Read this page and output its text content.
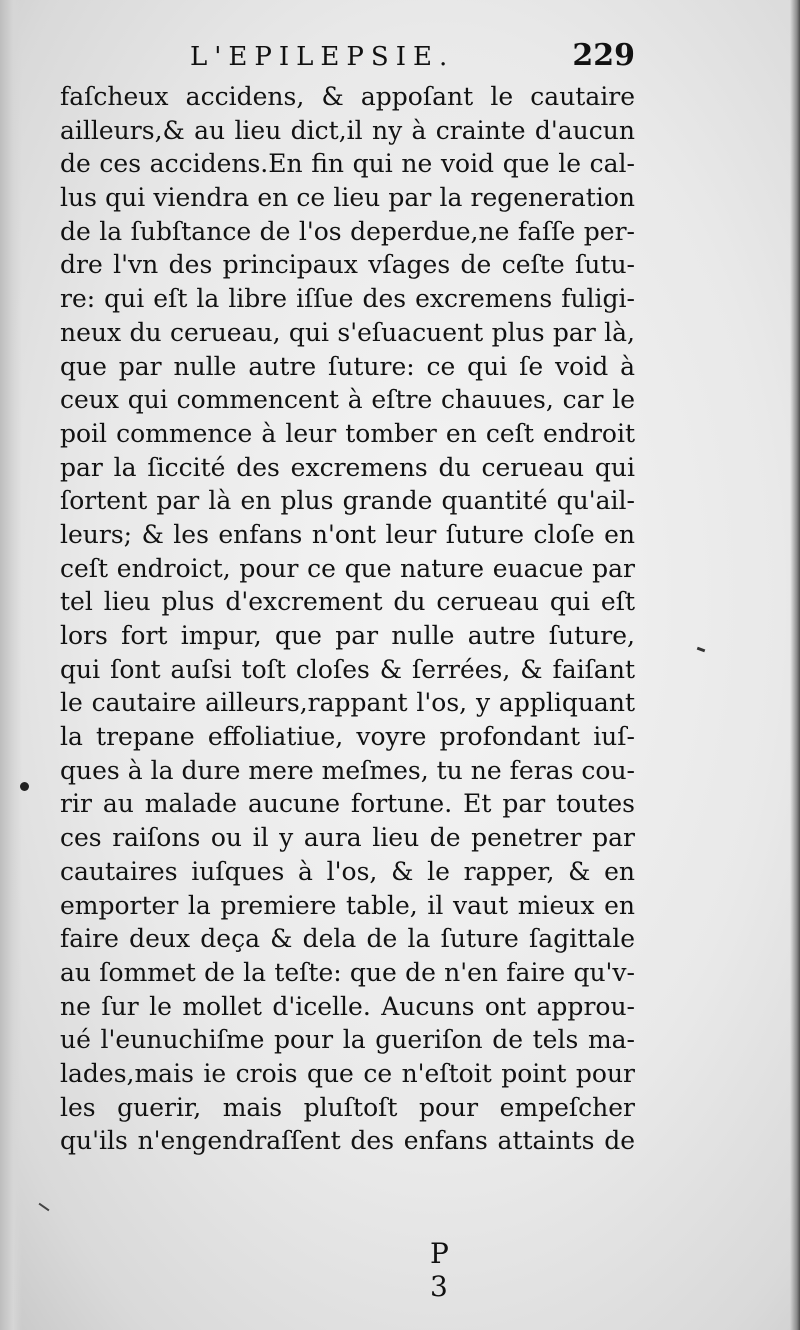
L'EPILEPSIE.	229
faſcheux accidens, & appoſant le cautaire
ailleurs,& au lieu dict,il ny à crainte d'aucun
de ces accidens.En fin qui ne void que le cal-
lus qui viendra en ce lieu par la regeneration
de la ſubſtance de l'os deperdue,ne faſſe per-
dre l'vn des principaux vſages de ceſte ſutu-
re: qui eſt la libre iſſue des excremens fuligi-
neux du cerueau, qui s'eſuacuent plus par là,
que par nulle autre ſuture: ce qui ſe void à
ceux qui commencent à eſtre chauues, car le
poil commence à leur tomber en ceſt endroit
par la ſiccité des excremens du cerueau qui
ſortent par là en plus grande quantité qu'ail-
leurs; & les enfans n'ont leur ſuture cloſe en
ceſt endroict, pour ce que nature euacue par
tel lieu plus d'excrement du cerueau qui eſt
lors fort impur, que par nulle autre ſuture,
qui ſont auſsi toſt cloſes & ſerrées, & faiſant
le cautaire ailleurs,rappant l'os, y appliquant
la trepane effoliatiue, voyre profondant iuſ-
ques à la dure mere meſmes, tu ne feras cou-
rir au malade aucune fortune. Et par toutes
ces raiſons ou il y aura lieu de penetrer par
cautaires iuſques à l'os, & le rapper, & en
emporter la premiere table, il vaut mieux en
faire deux deça & dela de la ſuture ſagittale
au ſommet de la teſte: que de n'en faire qu'v-
ne ſur le mollet d'icelle. Aucuns ont approu-
ué l'eunuchiſme pour la gueriſon de tels ma-
lades,mais ie crois que ce n'eſtoit point pour
les guerir, mais pluſtoſt pour empeſcher
qu'ils n'engendraſſent des enfans attaints de
P 3
